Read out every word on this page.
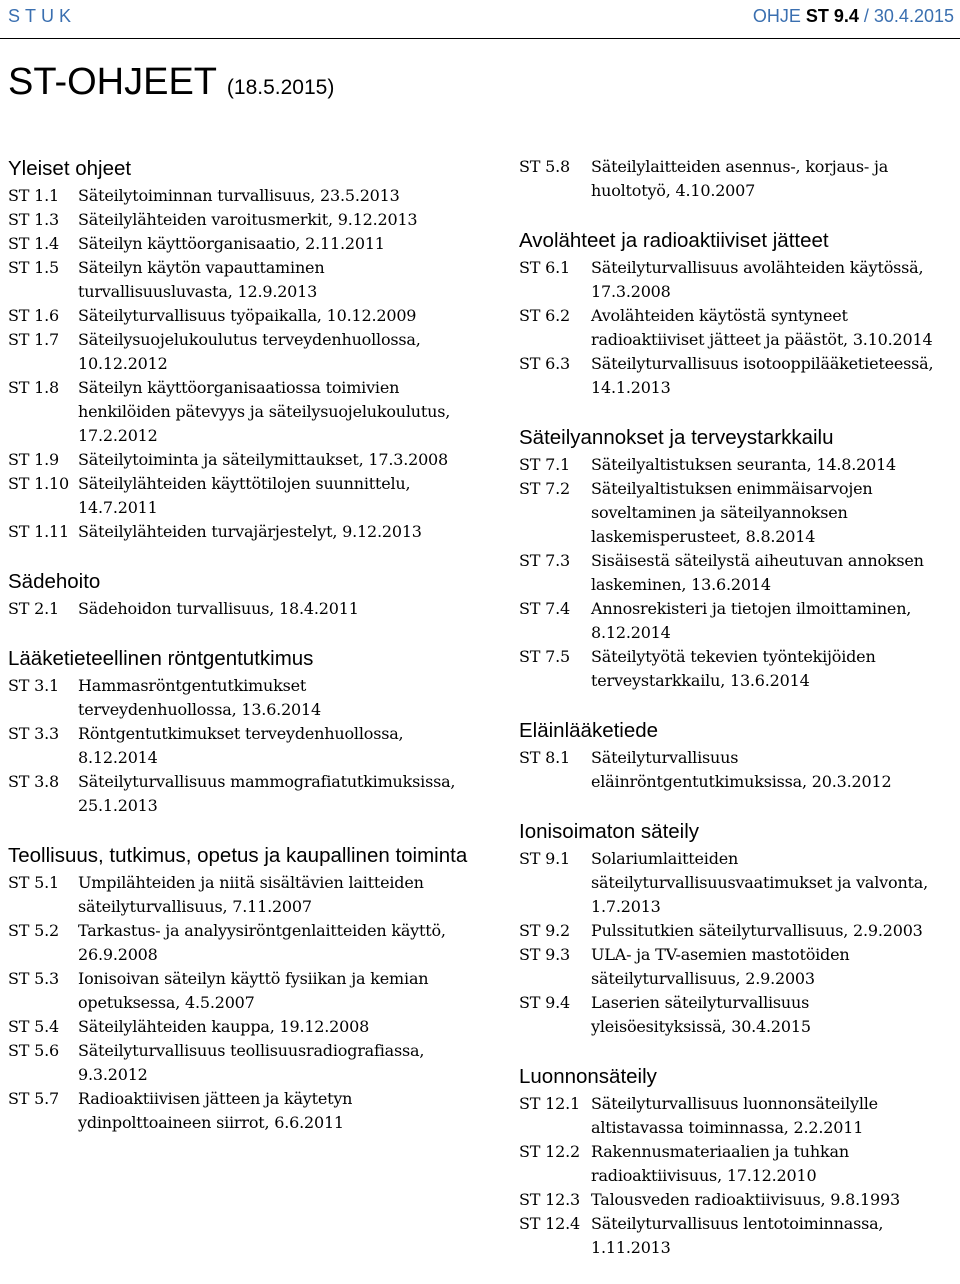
STUK	OHJE ST 9.4 / 30.4.2015
ST-OHJEET (18.5.2015)
Yleiset ohjeet
ST 1.1	Säteilytoiminnan turvallisuus, 23.5.2013
ST 1.3	Säteilylähteiden varoitusmerkit, 9.12.2013
ST 1.4	Säteilyn käyttöorganisaatio, 2.11.2011
ST 1.5	Säteilyn käytön vapauttaminen turvallisuusluvasta, 12.9.2013
ST 1.6	Säteilyturvallisuus työpaikalla, 10.12.2009
ST 1.7	Säteilysuojelukoulutus terveydenhuollossa, 10.12.2012
ST 1.8	Säteilyn käyttöorganisaatiossa toimivien henkilöiden pätevyys ja säteilysuojelukoulutus, 17.2.2012
ST 1.9	Säteilytoiminta ja säteilymittaukset, 17.3.2008
ST 1.10 Säteilylähteiden käyttötilojen suunnittelu, 14.7.2011
ST 1.11 Säteilylähteiden turvajärjestelyt, 9.12.2013
Sädehoito
ST 2.1	Sädehoidon turvallisuus, 18.4.2011
Lääketieteellinen röntgentutkimus
ST 3.1	Hammasröntgentutkimukset terveydenhuollossa, 13.6.2014
ST 3.3	Röntgentutkimukset terveydenhuollossa, 8.12.2014
ST 3.8	Säteilyturvallisuus mammografiatutkimuksissa, 25.1.2013
Teollisuus, tutkimus, opetus ja kaupallinen toiminta
ST 5.1	Umpilähteiden ja niitä sisältävien laitteiden säteilyturvallisuus, 7.11.2007
ST 5.2	Tarkastus- ja analyysiröntgenlaitteiden käyttö, 26.9.2008
ST 5.3	Ionisoivan säteilyn käyttö fysiikan ja kemian opetuksessa, 4.5.2007
ST 5.4	Säteilylähteiden kauppa, 19.12.2008
ST 5.6	Säteilyturvallisuus teollisuusradiografiassa, 9.3.2012
ST 5.7	Radioaktiivisen jätteen ja käytetyn ydinpolttoaineen siirrot, 6.6.2011
ST 5.8	Säteilylaitteiden asennus-, korjaus- ja huoltotyö, 4.10.2007
Avolähteet ja radioaktiiviset jätteet
ST 6.1	Säteilyturvallisuus avolähteiden käytössä, 17.3.2008
ST 6.2	Avolähteiden käytöstä syntyneet radioaktiiviset jätteet ja päästöt, 3.10.2014
ST 6.3	Säteilyturvallisuus isotooppilääketieteessä, 14.1.2013
Säteilyannokset ja terveystarkkailu
ST 7.1	Säteilyaltistuksen seuranta, 14.8.2014
ST 7.2	Säteilyaltistuksen enimmäisarvojen soveltaminen ja säteilyannoksen laskemisperusteet, 8.8.2014
ST 7.3	Sisäisestä säteilystä aiheutuvan annoksen laskeminen, 13.6.2014
ST 7.4	Annosrekisteri ja tietojen ilmoittaminen, 8.12.2014
ST 7.5	Säteilytyötä tekevien työntekijöiden terveystarkkailu, 13.6.2014
Eläinlääketiede
ST 8.1	Säteilyturvallisuus eläinröntgentutkimuksissa, 20.3.2012
Ionisoimaton säteily
ST 9.1	Solariumlaitteiden säteilyturvallisuusvaatimukset ja valvonta, 1.7.2013
ST 9.2	Pulssitutkien säteilyturvallisuus, 2.9.2003
ST 9.3	ULA- ja TV-asemien mastotöiden säteilyturvallisuus, 2.9.2003
ST 9.4	Laserien säteilyturvallisuus yleisöesityksissä, 30.4.2015
Luonnonsäteily
ST 12.1 Säteilyturvallisuus luonnonsäteilylle altistavassa toiminnassa, 2.2.2011
ST 12.2 Rakennusmateriaalien ja tuhkan radioaktiivisuus, 17.12.2010
ST 12.3 Talousveden radioaktiivisuus, 9.8.1993
ST 12.4 Säteilyturvallisuus lentotoiminnassa, 1.11.2013
